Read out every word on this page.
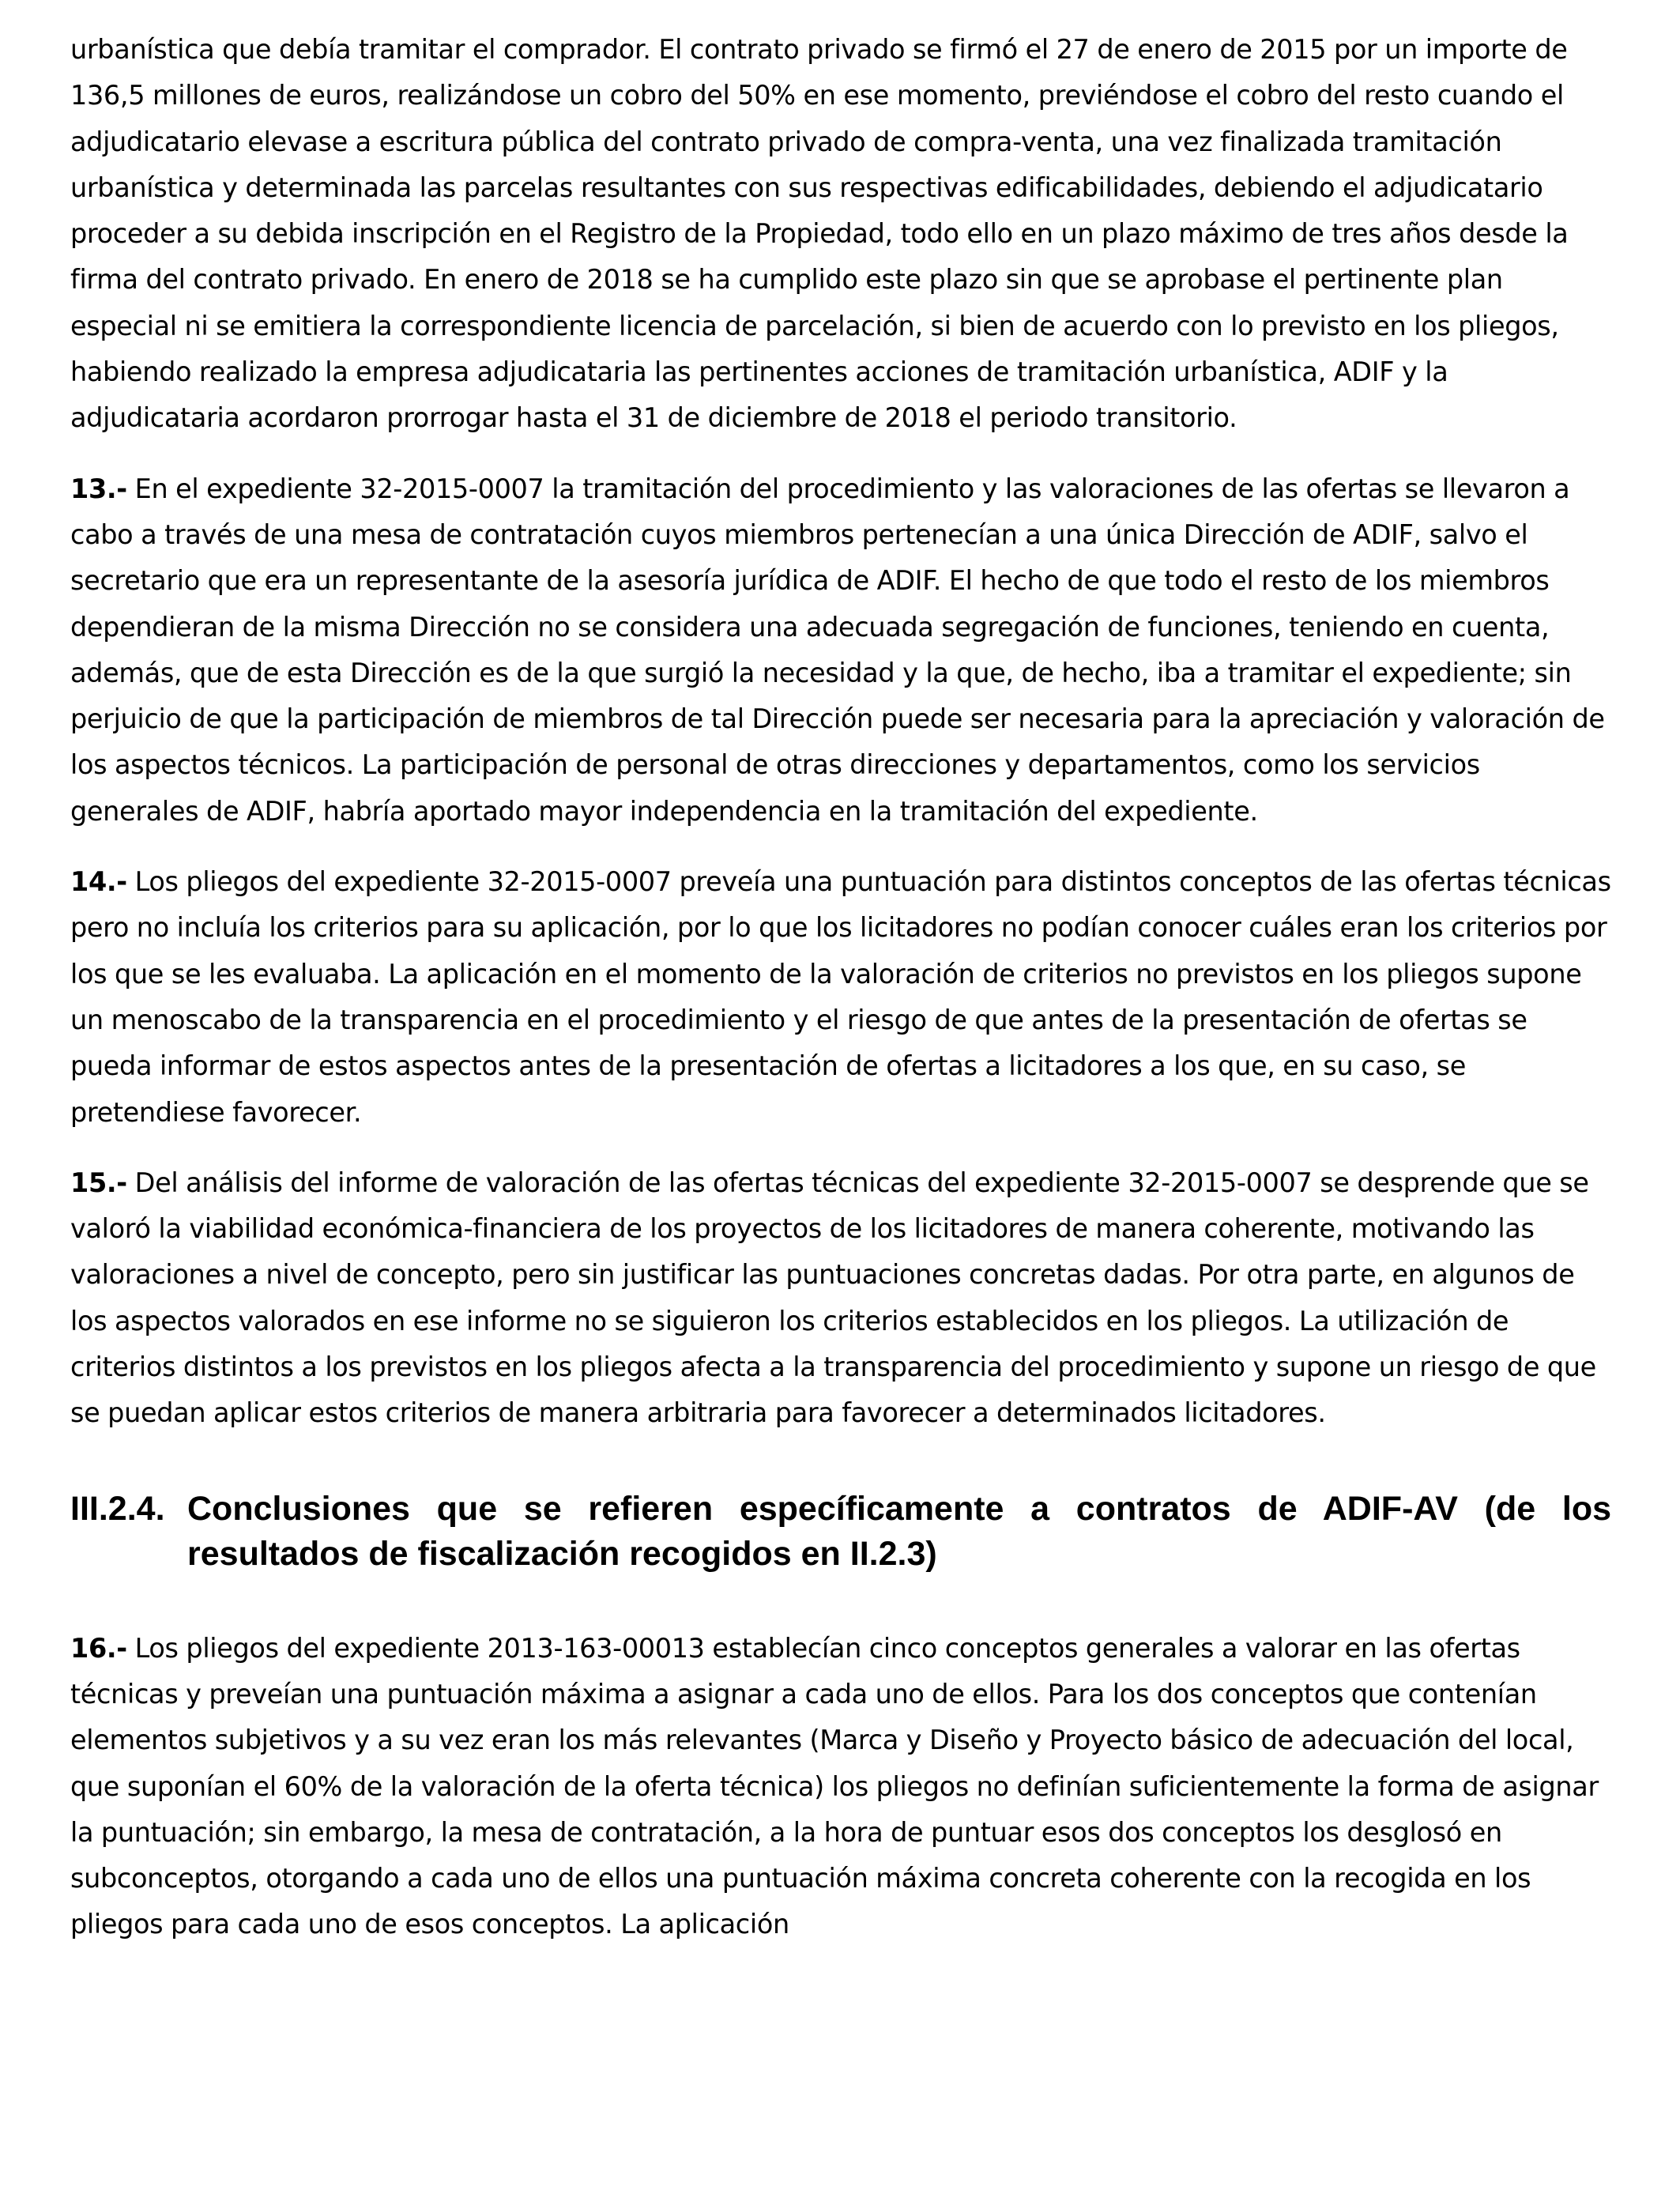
urbanística que debía tramitar el comprador. El contrato privado se firmó el 27 de enero de 2015 por un importe de 136,5 millones de euros, realizándose un cobro del 50% en ese momento, previéndose el cobro del resto cuando el adjudicatario elevase a escritura pública del contrato privado de compra-venta, una vez finalizada tramitación urbanística y determinada las parcelas resultantes con sus respectivas edificabilidades, debiendo el adjudicatario proceder a su debida inscripción en el Registro de la Propiedad, todo ello en un plazo máximo de tres años desde la firma del contrato privado. En enero de 2018 se ha cumplido este plazo sin que se aprobase el pertinente plan especial ni se emitiera la correspondiente licencia de parcelación, si bien de acuerdo con lo previsto en los pliegos, habiendo realizado la empresa adjudicataria las pertinentes acciones de tramitación urbanística, ADIF y la adjudicataria acordaron prorrogar hasta el 31 de diciembre de 2018 el periodo transitorio.

13.- En el expediente 32-2015-0007 la tramitación del procedimiento y las valoraciones de las ofertas se llevaron a cabo a través de una mesa de contratación cuyos miembros pertenecían a una única Dirección de ADIF, salvo el secretario que era un representante de la asesoría jurídica de ADIF. El hecho de que todo el resto de los miembros dependieran de la misma Dirección no se considera una adecuada segregación de funciones, teniendo en cuenta, además, que de esta Dirección es de la que surgió la necesidad y la que, de hecho, iba a tramitar el expediente; sin perjuicio de que la participación de miembros de tal Dirección puede ser necesaria para la apreciación y valoración de los aspectos técnicos. La participación de personal de otras direcciones y departamentos, como los servicios generales de ADIF, habría aportado mayor independencia en la tramitación del expediente.

14.- Los pliegos del expediente 32-2015-0007 preveía una puntuación para distintos conceptos de las ofertas técnicas pero no incluía los criterios para su aplicación, por lo que los licitadores no podían conocer cuáles eran los criterios por los que se les evaluaba. La aplicación en el momento de la valoración de criterios no previstos en los pliegos supone un menoscabo de la transparencia en el procedimiento y el riesgo de que antes de la presentación de ofertas se pueda informar de estos aspectos antes de la presentación de ofertas a licitadores a los que, en su caso, se pretendiese favorecer.

15.- Del análisis del informe de valoración de las ofertas técnicas del expediente 32-2015-0007 se desprende que se valoró la viabilidad económica-financiera de los proyectos de los licitadores de manera coherente, motivando las valoraciones a nivel de concepto, pero sin justificar las puntuaciones concretas dadas. Por otra parte, en algunos de los aspectos valorados en ese informe no se siguieron los criterios establecidos en los pliegos. La utilización de criterios distintos a los previstos en los pliegos afecta a la transparencia del procedimiento y supone un riesgo de que se puedan aplicar estos criterios de manera arbitraria para favorecer a determinados licitadores.

III.2.4. Conclusiones que se refieren específicamente a contratos de ADIF-AV (de los resultados de fiscalización recogidos en II.2.3)

16.- Los pliegos del expediente 2013-163-00013 establecían cinco conceptos generales a valorar en las ofertas técnicas y preveían una puntuación máxima a asignar a cada uno de ellos. Para los dos conceptos que contenían elementos subjetivos y a su vez eran los más relevantes (Marca y Diseño y Proyecto básico de adecuación del local, que suponían el 60% de la valoración de la oferta técnica) los pliegos no definían suficientemente la forma de asignar la puntuación; sin embargo, la mesa de contratación, a la hora de puntuar esos dos conceptos los desglosó en subconceptos, otorgando a cada uno de ellos una puntuación máxima concreta coherente con la recogida en los pliegos para cada uno de esos conceptos. La aplicación
